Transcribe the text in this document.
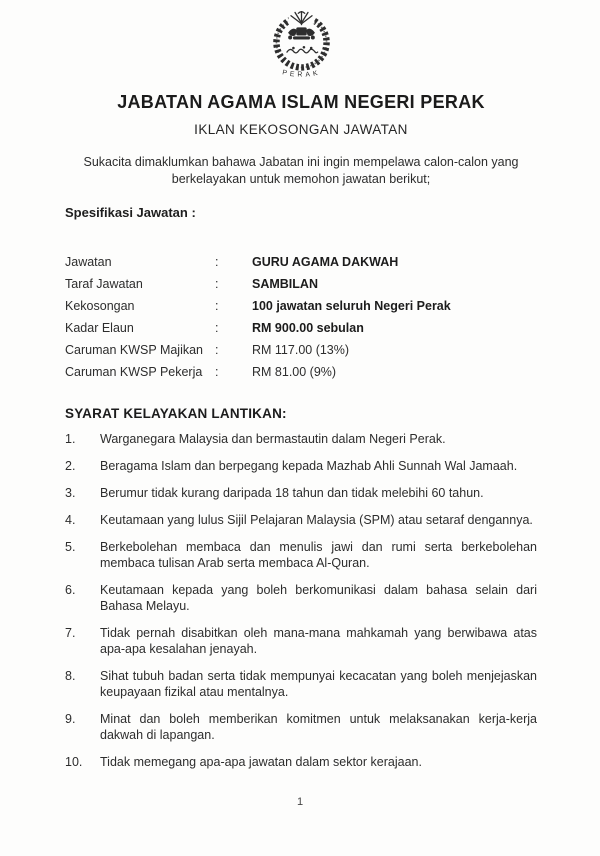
PERAK
JABATAN AGAMA ISLAM NEGERI PERAK
IKLAN KEKOSONGAN JAWATAN

Sukacita dimaklumkan bahawa Jabatan ini ingin mempelawa calon-calon yang berkelayakan untuk memohon jawatan berikut;

Spesifikasi Jawatan :
Jawatan	:	GURU AGAMA DAKWAH
Taraf Jawatan	:	SAMBILAN
Kekosongan	:	100 jawatan seluruh Negeri Perak
Kadar Elaun	:	RM 900.00 sebulan
Caruman KWSP Majikan :	RM 117.00 (13%)
Caruman KWSP Pekerja	:	RM 81.00 (9%)
SYARAT KELAYAKAN LANTIKAN:
1.	Warganegara Malaysia dan bermastautin dalam Negeri Perak.
2.	Beragama Islam dan berpegang kepada Mazhab Ahli Sunnah Wal Jamaah.
3.	Berumur tidak kurang daripada 18 tahun dan tidak melebihi 60 tahun.
4.	Keutamaan yang lulus Sijil Pelajaran Malaysia (SPM) atau setaraf dengannya.
5.	Berkebolehan membaca dan menulis jawi dan rumi serta berkebolehan membaca tulisan Arab serta membaca Al-Quran.
6.	Keutamaan kepada yang boleh berkomunikasi dalam bahasa selain dari Bahasa Melayu.
7.	Tidak pernah disabitkan oleh mana-mana mahkamah yang berwibawa atas apa-apa kesalahan jenayah.
8.	Sihat tubuh badan serta tidak mempunyai kecacatan yang boleh menjejaskan keupayaan fizikal atau mentalnya.
9.	Minat dan boleh memberikan komitmen untuk melaksanakan kerja-kerja dakwah di lapangan.
10.	Tidak memegang apa-apa jawatan dalam sektor kerajaan.
1
